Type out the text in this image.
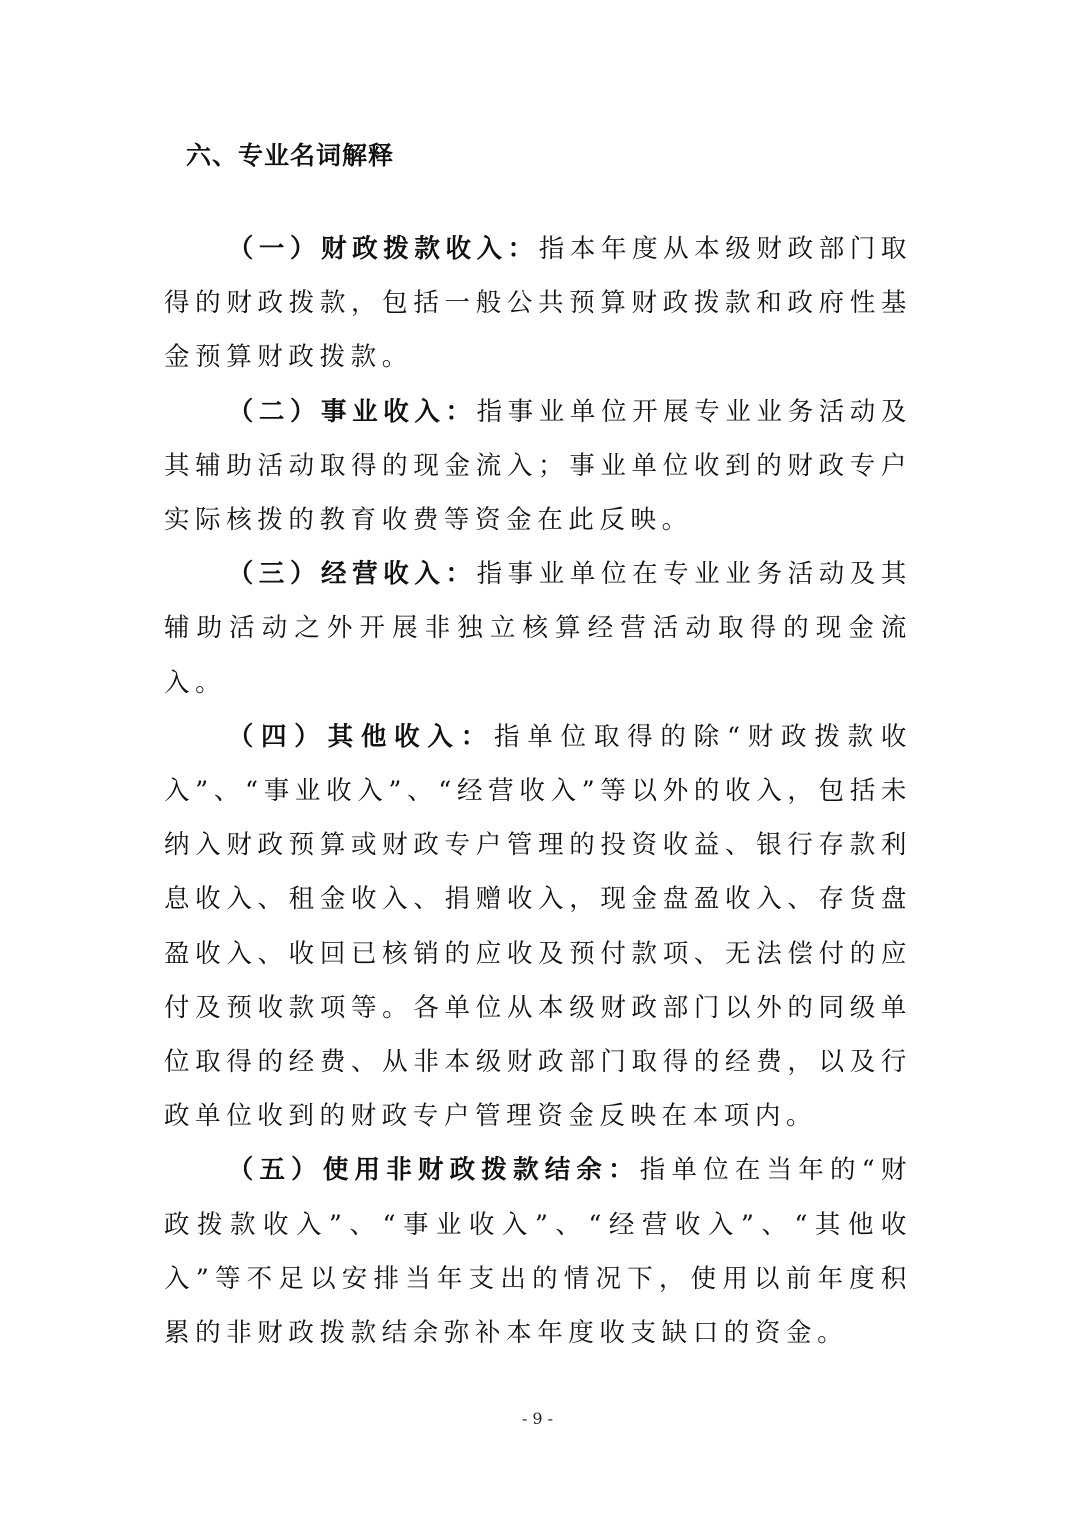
六、专业名词解释

（一）财政拨款收入：指本年度从本级财政部门取得的财政拨款，包括一般公共预算财政拨款和政府性基金预算财政拨款。

（二）事业收入：指事业单位开展专业业务活动及其辅助活动取得的现金流入；事业单位收到的财政专户实际核拨的教育收费等资金在此反映。

（三）经营收入：指事业单位在专业业务活动及其辅助活动之外开展非独立核算经营活动取得的现金流入。

（四）其他收入：指单位取得的除“财政拨款收入”、“事业收入”、“经营收入”等以外的收入，包括未纳入财政预算或财政专户管理的投资收益、银行存款利息收入、租金收入、捐赠收入，现金盘盈收入、存货盘盈收入、收回已核销的应收及预付款项、无法偿付的应付及预收款项等。各单位从本级财政部门以外的同级单位取得的经费、从非本级财政部门取得的经费，以及行政单位收到的财政专户管理资金反映在本项内。

（五）使用非财政拨款结余：指单位在当年的“财政拨款收入”、“事业收入”、“经营收入”、“其他收入”等不足以安排当年支出的情况下，使用以前年度积累的非财政拨款结余弥补本年度收支缺口的资金。

- 9 -
